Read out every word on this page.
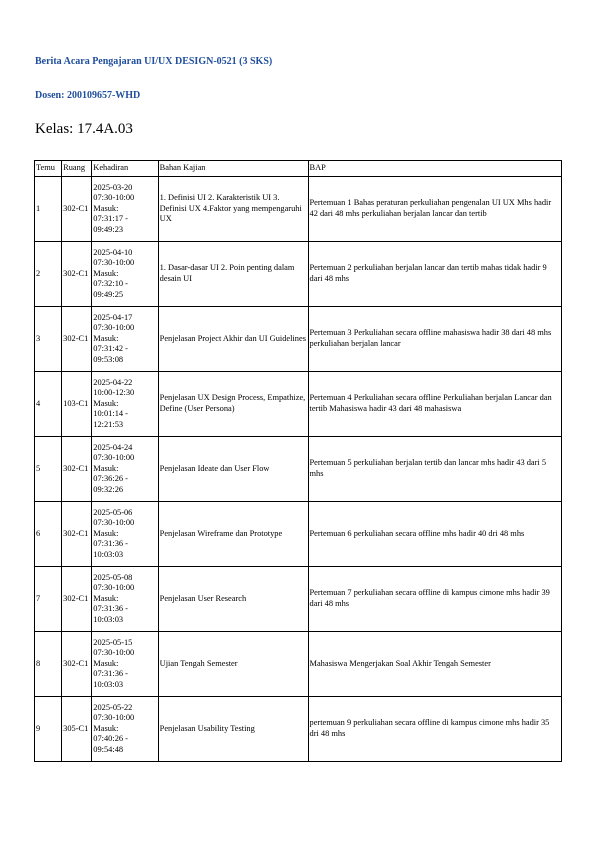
Berita Acara Pengajaran UI/UX DESIGN-0521 (3 SKS)
Dosen: 200109657-WHD
Kelas: 17.4A.03
Temu	Ruang	Kehadiran	Bahan Kajian	BAP
1	302-C1	2025-03-20
07:30-10:00
Masuk:
07:31:17 -
09:49:23	1. Definisi UI 2. Karakteristik UI 3. Definisi UX 4.Faktor yang mempengaruhi UX	Pertemuan 1 Bahas peraturan perkuliahan pengenalan UI UX Mhs hadir 42 dari 48 mhs perkuliahan berjalan lancar dan tertib
2	302-C1	2025-04-10
07:30-10:00
Masuk:
07:32:10 -
09:49:25	1. Dasar-dasar UI 2. Poin penting dalam desain UI	Pertemuan 2 perkuliahan berjalan lancar dan tertib mahas tidak hadir 9 dari 48 mhs
3	302-C1	2025-04-17
07:30-10:00
Masuk:
07:31:42 -
09:53:08	Penjelasan Project Akhir dan UI Guidelines	Pertemuan 3 Perkuliahan secara offline mahasiswa hadir 38 dari 48 mhs perkuliahan berjalan lancar
4	103-C1	2025-04-22
10:00-12:30
Masuk:
10:01:14 -
12:21:53	Penjelasan UX Design Process, Empathize, Define (User Persona)	Pertemuan 4 Perkuliahan secara offline Perkuliahan berjalan Lancar dan tertib Mahasiswa hadir 43 dari 48 mahasiswa
5	302-C1	2025-04-24
07:30-10:00
Masuk:
07:36:26 -
09:32:26	Penjelasan Ideate dan User Flow	Pertemuan 5 perkuliahan berjalan tertib dan lancar mhs hadir 43 dari 5 mhs
6	302-C1	2025-05-06
07:30-10:00
Masuk:
07:31:36 -
10:03:03	Penjelasan Wireframe dan Prototype	Pertemuan 6 perkuliahan secara offline mhs hadir 40 dri 48 mhs
7	302-C1	2025-05-08
07:30-10:00
Masuk:
07:31:36 -
10:03:03	Penjelasan User Research	Pertemuan 7 perkuliahan secara offline di kampus cimone mhs hadir 39 dari 48 mhs
8	302-C1	2025-05-15
07:30-10:00
Masuk:
07:31:36 -
10:03:03	Ujian Tengah Semester	Mahasiswa Mengerjakan Soal Akhir Tengah Semester
9	305-C1	2025-05-22
07:30-10:00
Masuk:
07:40:26 -
09:54:48	Penjelasan Usability Testing	pertemuan 9 perkuliahan secara offline di kampus cimone mhs hadir 35 dri 48 mhs
